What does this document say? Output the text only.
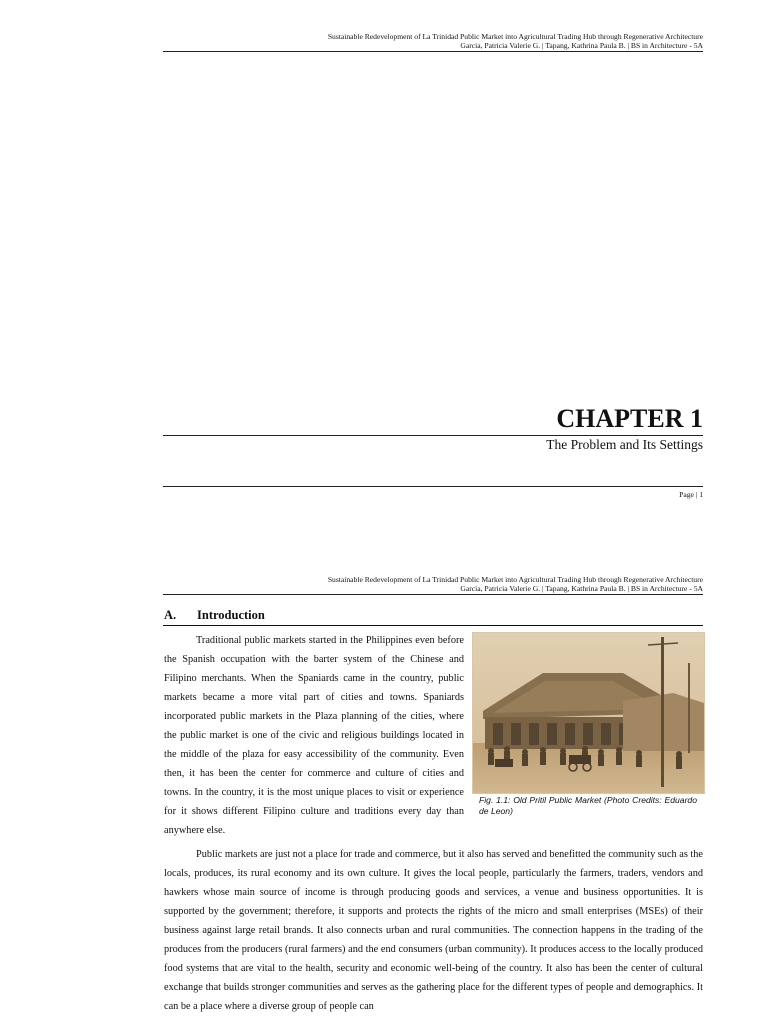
Sustainable Redevelopment of La Trinidad Public Market into Agricultural Trading Hub through Regenerative Architecture
Garcia, Patricia Valerie G. | Tapang, Kathrina Paula B. | BS in Architecture - 5A
CHAPTER 1
The Problem and Its Settings
Page | 1
Sustainable Redevelopment of La Trinidad Public Market into Agricultural Trading Hub through Regenerative Architecture
Garcia, Patricia Valerie G. | Tapang, Kathrina Paula B. | BS in Architecture - 5A
A. Introduction

Traditional public markets started in the Philippines even before the Spanish occupation with the barter system of the Chinese and Filipino merchants. When the Spaniards came in the country, public markets became a more vital part of cities and towns. Spaniards incorporated public markets in the Plaza planning of the cities, where the public market is one of the civic and religious buildings located in the middle of the plaza for easy accessibility of the community. Even then, it has been the center for commerce and culture of cities and towns. In the country, it is the most unique places to visit or experience for it shows different Filipino culture and traditions every day than anywhere else.

Fig. 1.1: Old Pritil Public Market (Photo Credits: Eduardo de Leon)

Public markets are just not a place for trade and commerce, but it also has served and benefitted the community such as the locals, produces, its rural economy and its own culture. It gives the local people, particularly the farmers, traders, vendors and hawkers whose main source of income is through producing goods and services, a venue and business opportunities. It is supported by the government; therefore, it supports and protects the rights of the micro and small enterprises (MSEs) of their business against large retail brands. It also connects urban and rural communities. The connection happens in the trading of the produces from the producers (rural farmers) and the end consumers (urban community). It produces access to the locally produced food systems that are vital to the health, security and economic well-being of the country. It also has been the center of cultural exchange that builds stronger communities and serves as the gathering place for the different types of people and demographics. It can be a place where a diverse group of people can
